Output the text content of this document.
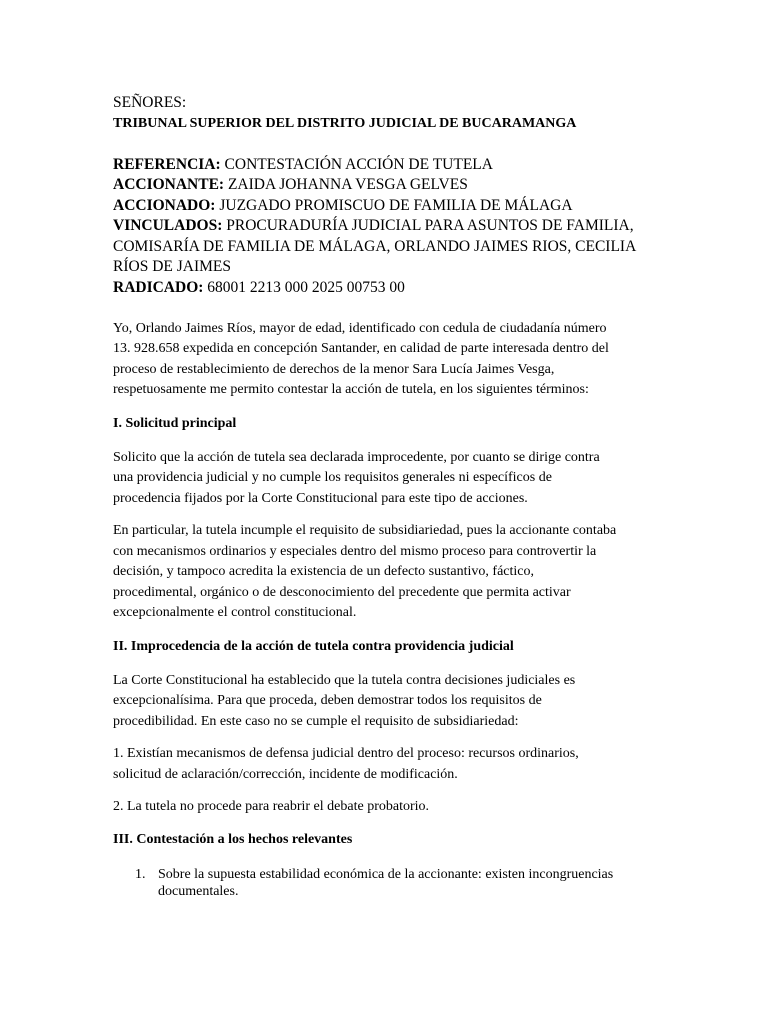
SEÑORES:

TRIBUNAL SUPERIOR DEL DISTRITO JUDICIAL DE BUCARAMANGA

REFERENCIA: CONTESTACIÓN ACCIÓN DE TUTELA

ACCIONANTE: ZAIDA JOHANNA VESGA GELVES

ACCIONADO: JUZGADO PROMISCUO DE FAMILIA DE MÁLAGA

VINCULADOS: PROCURADURÍA JUDICIAL PARA ASUNTOS DE FAMILIA,

COMISARÍA DE FAMILIA DE MÁLAGA, ORLANDO JAIMES RIOS, CECILIA

RÍOS DE JAIMES

RADICADO: 68001 2213 000 2025 00753 00

Yo, Orlando Jaimes Ríos, mayor de edad, identificado con cedula de ciudadanía número

13. 928.658 expedida en concepción Santander, en calidad de parte interesada dentro del

proceso de restablecimiento de derechos de la menor Sara Lucía Jaimes Vesga,

respetuosamente me permito contestar la acción de tutela, en los siguientes términos:

I. Solicitud principal

Solicito que la acción de tutela sea declarada improcedente, por cuanto se dirige contra

una providencia judicial y no cumple los requisitos generales ni específicos de

procedencia fijados por la Corte Constitucional para este tipo de acciones.

En particular, la tutela incumple el requisito de subsidiariedad, pues la accionante contaba

con mecanismos ordinarios y especiales dentro del mismo proceso para controvertir la

decisión, y tampoco acredita la existencia de un defecto sustantivo, fáctico,

procedimental, orgánico o de desconocimiento del precedente que permita activar

excepcionalmente el control constitucional.

II. Improcedencia de la acción de tutela contra providencia judicial

La Corte Constitucional ha establecido que la tutela contra decisiones judiciales es

excepcionalísima. Para que proceda, deben demostrar todos los requisitos de

procedibilidad. En este caso no se cumple el requisito de subsidiariedad:

1. Existían mecanismos de defensa judicial dentro del proceso: recursos ordinarios,

solicitud de aclaración/corrección, incidente de modificación.

2. La tutela no procede para reabrir el debate probatorio.

III. Contestación a los hechos relevantes

1. Sobre la supuesta estabilidad económica de la accionante: existen incongruencias

documentales.
